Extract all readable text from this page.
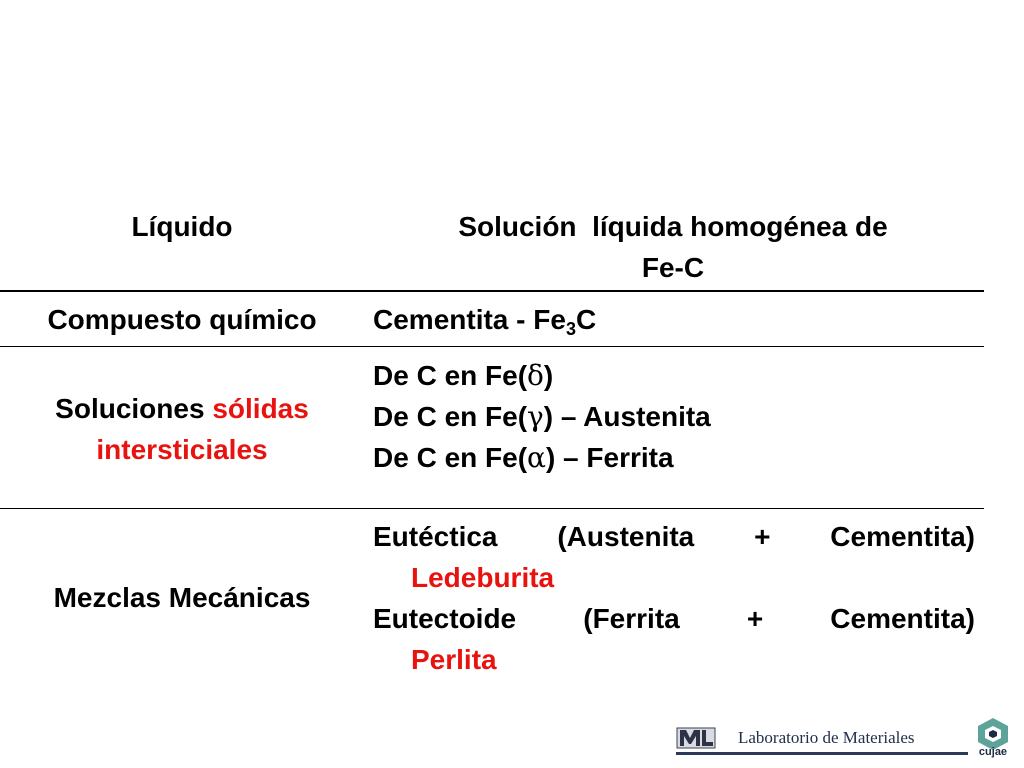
Líquido	Solución  líquida homogénea de
Fe-C
Compuesto químico	Cementita - $Fe_3C$
Soluciones sólidas
intersticiales
De C en Fe(δ)
De C en Fe(γ) – Austenita
De C en Fe(α) – Ferrita
Mezclas Mecánicas
Eutéctica (Austenita + Cementita)
Ledeburita
Eutectoide (Ferrita + Cementita)
Perlita
Laboratorio de Materiales
cujae
